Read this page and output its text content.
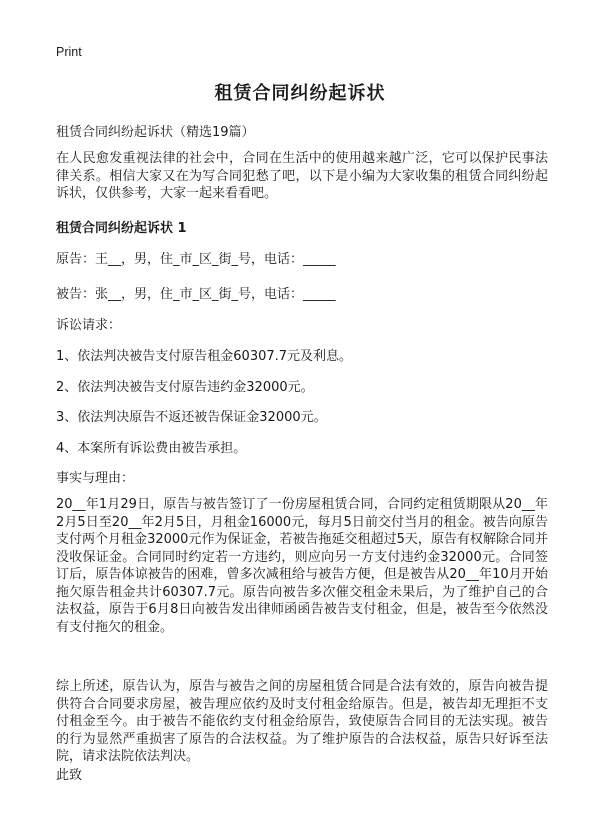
Print
租赁合同纠纷起诉状
租赁合同纠纷起诉状（精选19篇）
在人民愈发重视法律的社会中，合同在生活中的使用越来越广泛，它可以保护民事法律关系。相信大家又在为写合同犯愁了吧，以下是小编为大家收集的租赁合同纠纷起诉状，仅供参考，大家一起来看看吧。
租赁合同纠纷起诉状 1
原告：王__，男，住_市_区_街_号，电话：_____
被告：张__，男，住_市_区_街_号，电话：_____
诉讼请求：
1、依法判决被告支付原告租金60307.7元及利息。
2、依法判决被告支付原告违约金32000元。
3、依法判决原告不返还被告保证金32000元。
4、本案所有诉讼费由被告承担。
事实与理由：
20__年1月29日，原告与被告签订了一份房屋租赁合同，合同约定租赁期限从20__年2月5日至20__年2月5日，月租金16000元，每月5日前交付当月的租金。被告向原告支付两个月租金32000元作为保证金，若被告拖延交租超过5天，原告有权解除合同并没收保证金。合同同时约定若一方违约，则应向另一方支付违约金32000元。合同签订后，原告体谅被告的困难，曾多次减租给与被告方便，但是被告从20__年10月开始拖欠原告租金共计60307.7元。原告向被告多次催交租金未果后，为了维护自己的合法权益，原告于6月8日向被告发出律师函函告被告支付租金，但是，被告至今依然没有支付拖欠的租金。
综上所述，原告认为，原告与被告之间的房屋租赁合同是合法有效的，原告向被告提供符合合同要求房屋，被告理应依约及时支付租金给原告。但是，被告却无理拒不支付租金至今。由于被告不能依约支付租金给原告，致使原告合同目的无法实现。被告的行为显然严重损害了原告的合法权益。为了维护原告的合法权益，原告只好诉至法院，请求法院依法判决。
此致
